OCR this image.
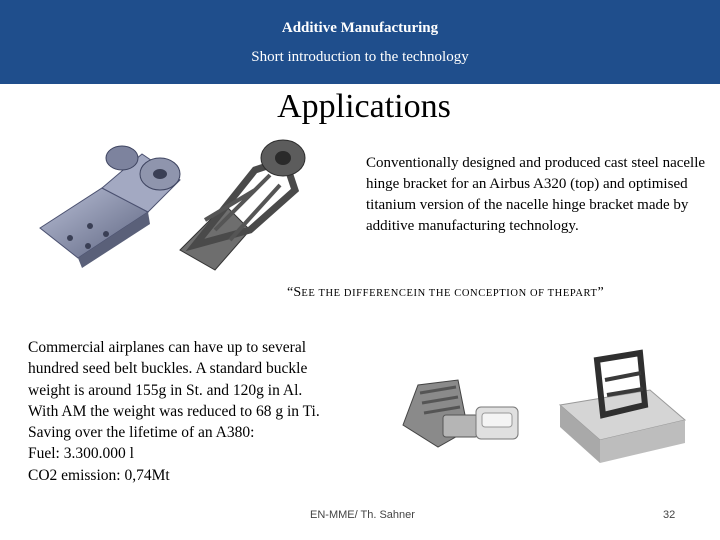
Additive Manufacturing
Short introduction to the technology
Applications
Conventionally designed and produced cast steel nacelle hinge bracket for an Airbus A320 (top) and optimised titanium version of the nacelle hinge bracket made by additive manufacturing technology.
“SEE THE DIFFERENCEIN THE CONCEPTION OF THEPART”
Commercial airplanes can have up to several
hundred seed belt buckles. A standard buckle
weight is around 155g in St. and 120g in Al.
With AM the weight was reduced to 68 g in Ti.
Saving over the lifetime of an A380:
Fuel: 3.300.000 l
CO2 emission: 0,74Mt
EN-MME/ Th. Sahner	32
